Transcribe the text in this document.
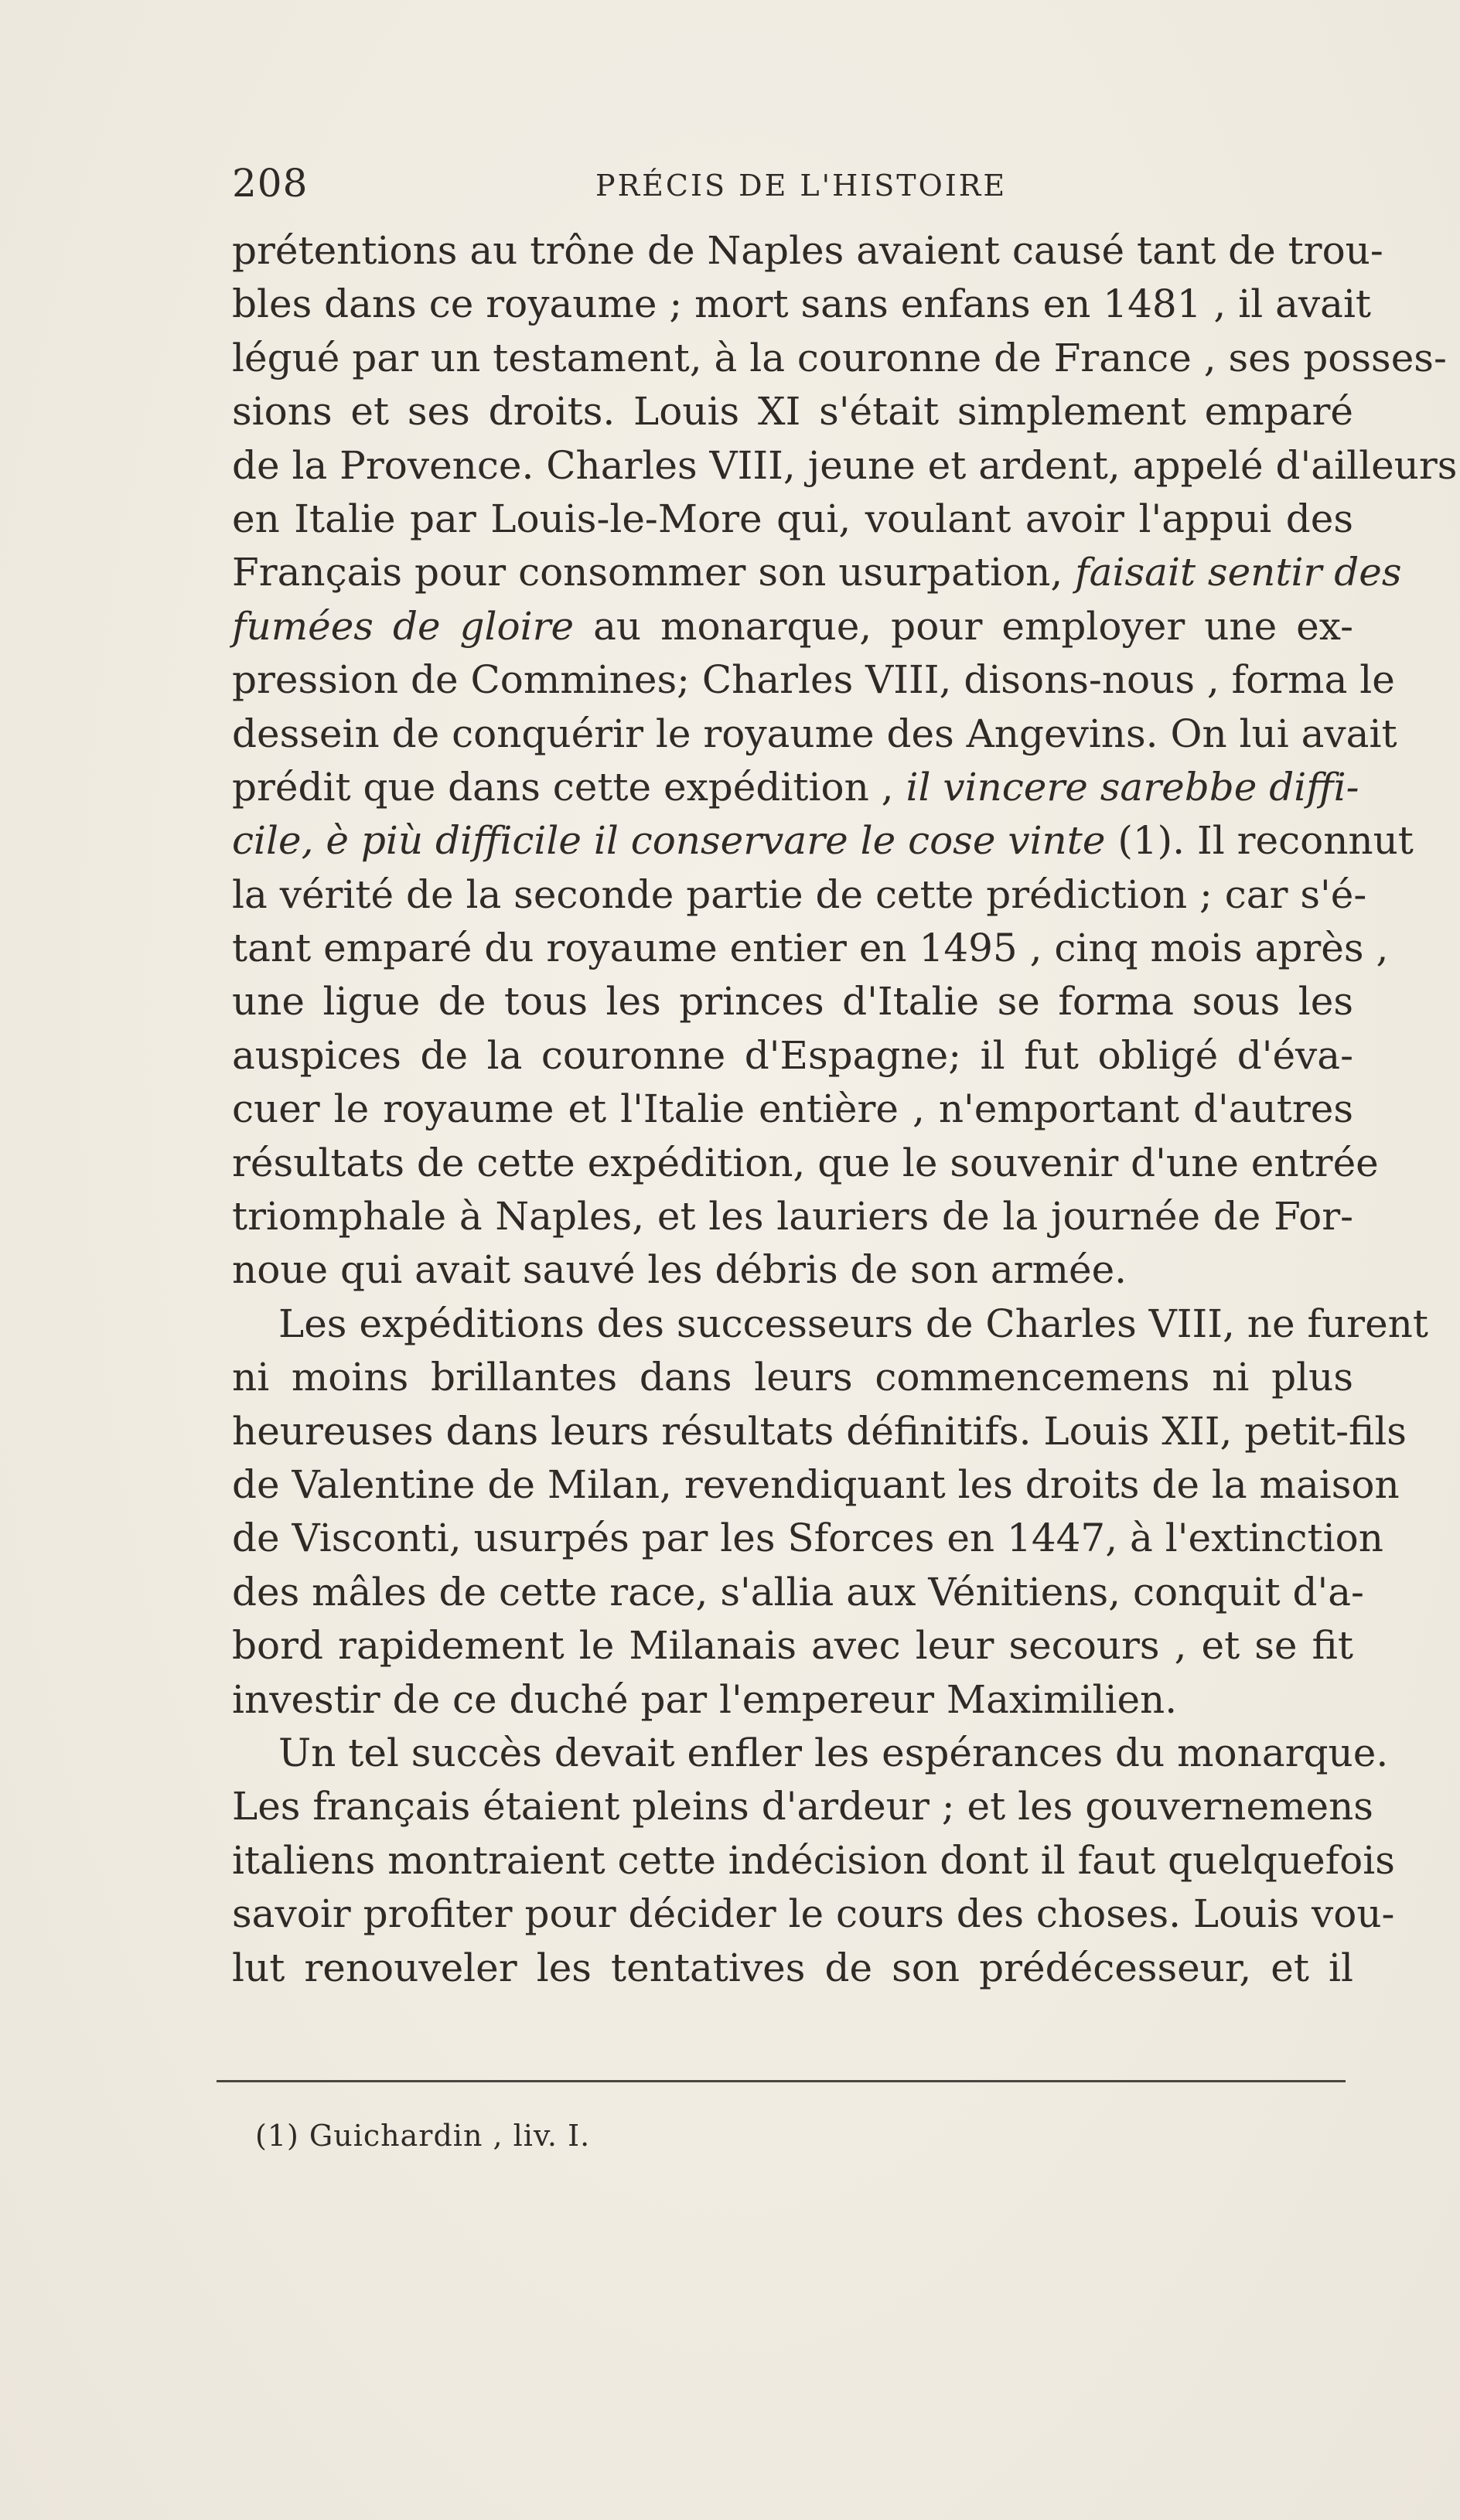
208	PRÉCIS DE L'HISTOIRE
prétentions au trône de Naples avaient causé tant de trou-
bles dans ce royaume ; mort sans enfans en 1481 , il avait
légué par un testament, à la couronne de France , ses posses-
sions et ses droits. Louis XI s'était simplement emparé
de la Provence. Charles VIII, jeune et ardent, appelé d'ailleurs
en Italie par Louis-le-More qui, voulant avoir l'appui des
Français pour consommer son usurpation, faisait sentir des
fumées de gloire au monarque, pour employer une ex-
pression de Commines; Charles VIII, disons-nous , forma le
dessein de conquérir le royaume des Angevins. On lui avait
prédit que dans cette expédition , il vincere sarebbe diffi-
cile, è più difficile il conservare le cose vinte (1). Il reconnut
la vérité de la seconde partie de cette prédiction ; car s'é-
tant emparé du royaume entier en 1495 , cinq mois après ,
une ligue de tous les princes d'Italie se forma sous les
auspices de la couronne d'Espagne; il fut obligé d'éva-
cuer le royaume et l'Italie entière , n'emportant d'autres
résultats de cette expédition, que le souvenir d'une entrée
triomphale à Naples, et les lauriers de la journée de For-
noue qui avait sauvé les débris de son armée.
Les expéditions des successeurs de Charles VIII, ne furent
ni moins brillantes dans leurs commencemens ni plus
heureuses dans leurs résultats définitifs. Louis XII, petit-fils
de Valentine de Milan, revendiquant les droits de la maison
de Visconti, usurpés par les Sforces en 1447, à l'extinction
des mâles de cette race, s'allia aux Vénitiens, conquit d'a-
bord rapidement le Milanais avec leur secours , et se fit
investir de ce duché par l'empereur Maximilien.
Un tel succès devait enfler les espérances du monarque.
Les français étaient pleins d'ardeur ; et les gouvernemens
italiens montraient cette indécision dont il faut quelquefois
savoir profiter pour décider le cours des choses. Louis vou-
lut renouveler les tentatives de son prédécesseur, et il
(1) Guichardin , liv. I.
